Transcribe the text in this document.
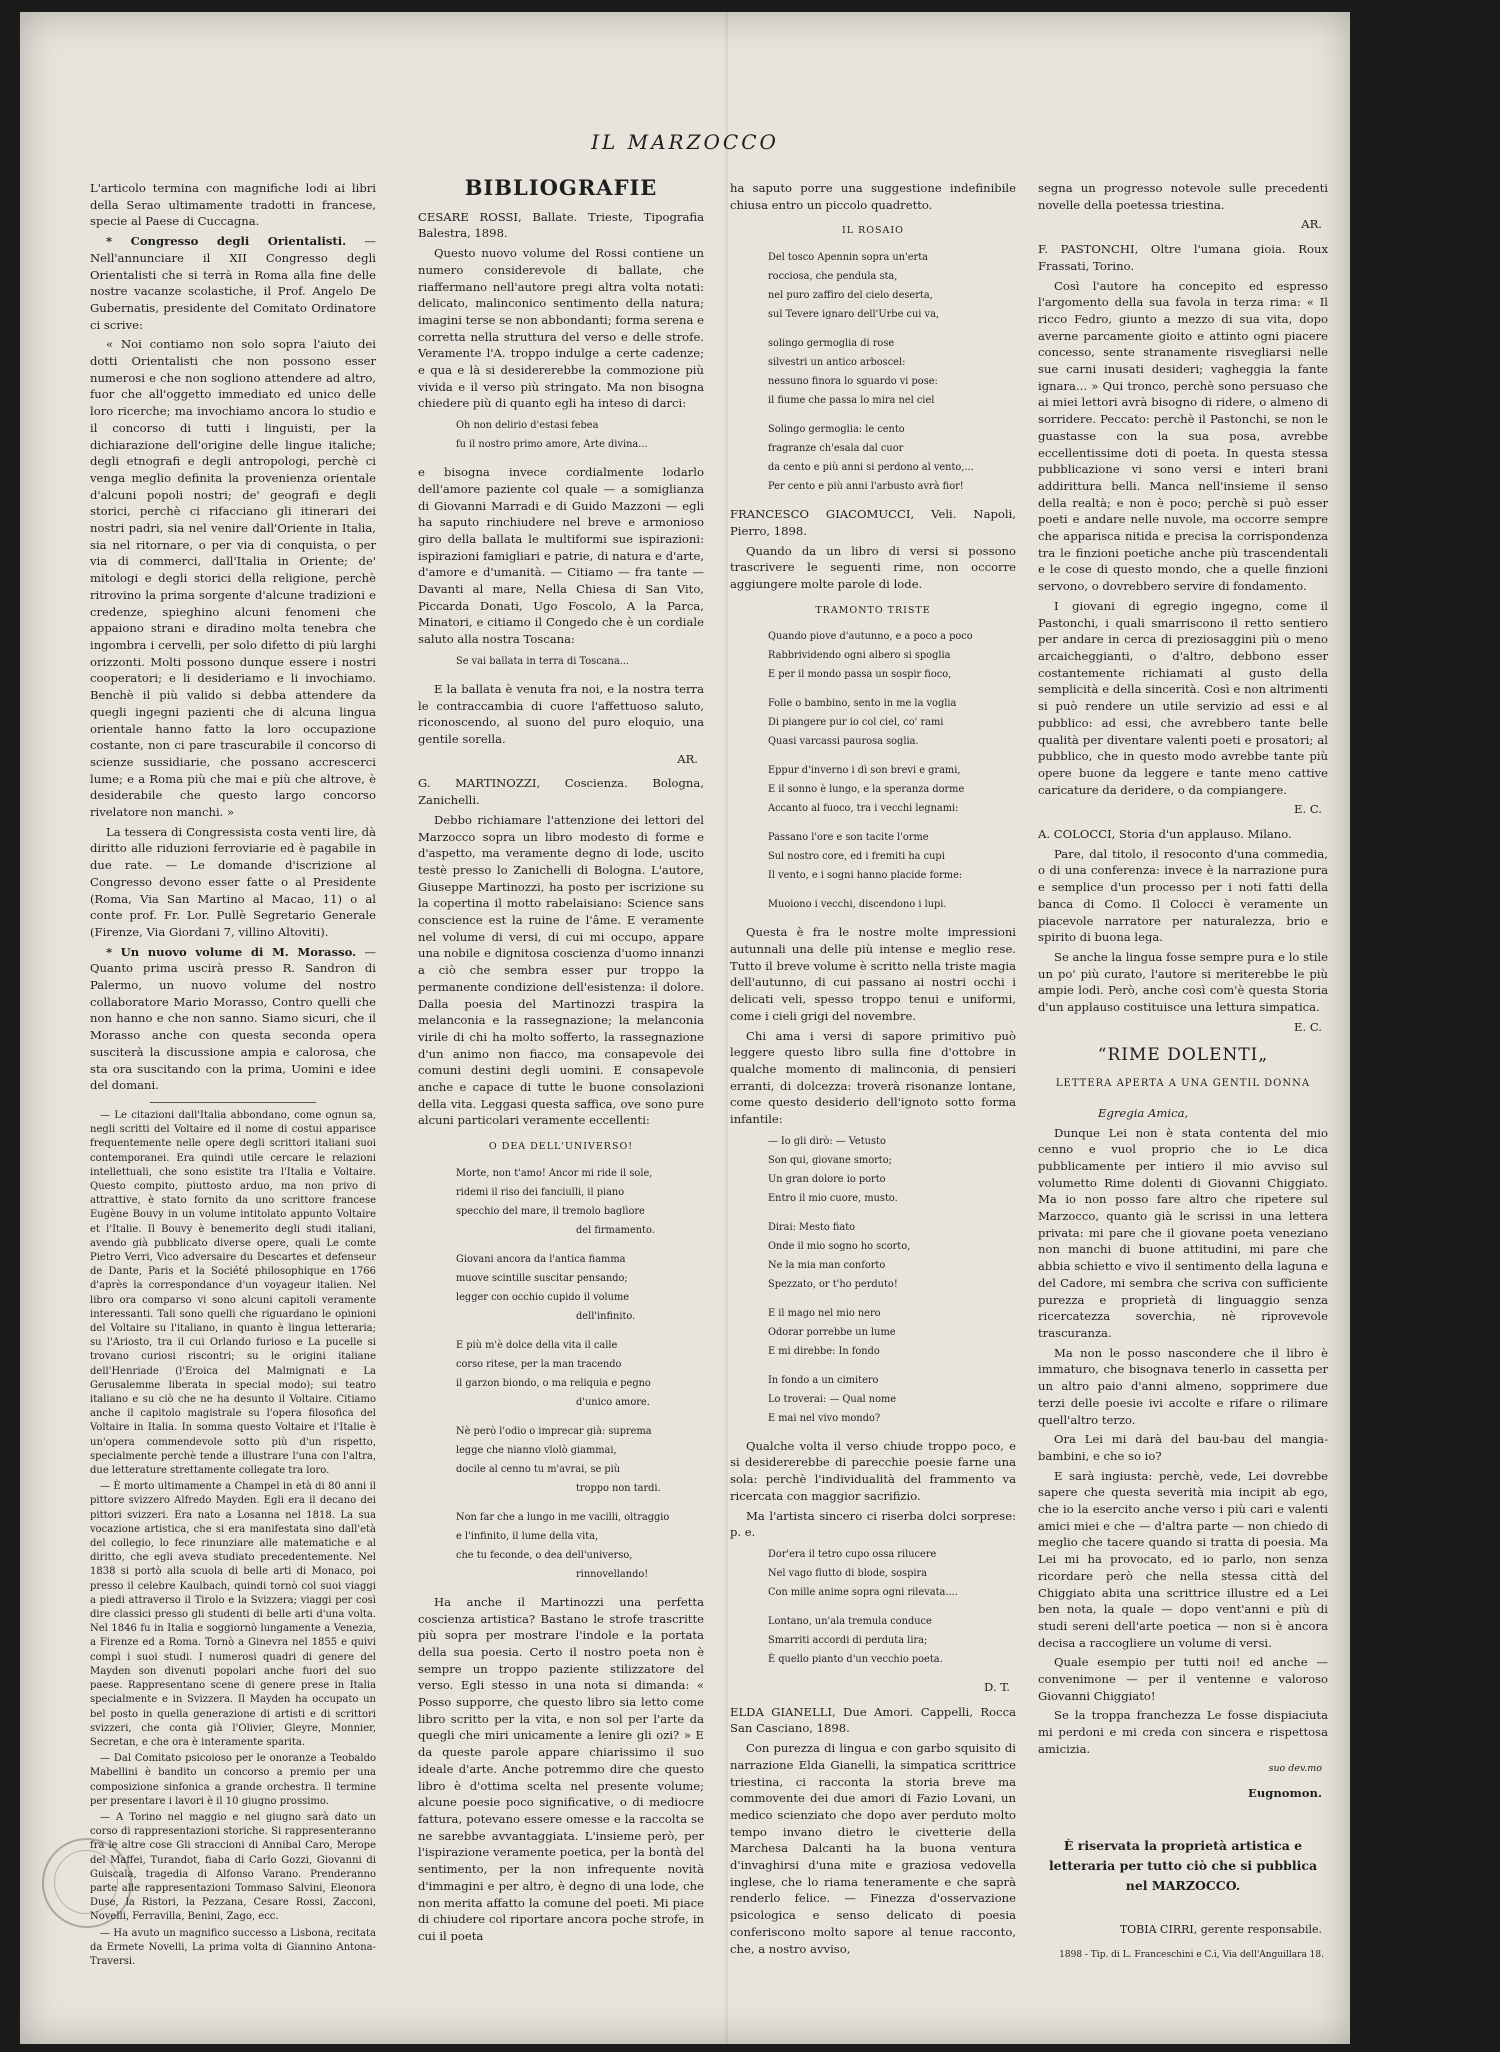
IL MARZOCCO

L'articolo termina con magnifiche lodi ai libri della Serao ultimamente tradotti in francese, specie al Paese di Cuccagna.

* Congresso degli Orientalisti. — Nell'annunciare il XII Congresso degli Orientalisti che si terrà in Roma alla fine delle nostre vacanze scolastiche, il Prof. Angelo De Gubernatis, presidente del Comitato Ordinatore ci scrive:

« Noi contiamo non solo sopra l'aiuto dei dotti Orientalisti che non possono esser numerosi e che non sogliono attendere ad altro, fuor che all'oggetto immediato ed unico delle loro ricerche; ma invochiamo ancora lo studio e il concorso di tutti i linguisti, per la dichiarazione dell'origine delle lingue italiche; degli etnografi e degli antropologi, perchè ci venga meglio definita la provenienza orientale d'alcuni popoli nostri; de' geografi e degli storici, perchè ci rifacciano gli itinerari dei nostri padri, sia nel venire dall'Oriente in Italia, sia nel ritornare, o per via di conquista, o per via di commerci, dall'Italia in Oriente; de' mitologi e degli storici della religione, perchè ritrovino la prima sorgente d'alcune tradizioni e credenze, spieghino alcuni fenomeni che appaiono strani e diradino molta tenebra che ingombra i cervelli, per solo difetto di più larghi orizzonti. Molti possono dunque essere i nostri cooperatori; e li desideriamo e li invochiamo. Benchè il più valido si debba attendere da quegli ingegni pazienti che di alcuna lingua orientale hanno fatto la loro occupazione costante, non ci pare trascurabile il concorso di scienze sussidiarie, che possano accrescerci lume; e a Roma più che mai e più che altrove, è desiderabile che questo largo concorso rivelatore non manchi. »

La tessera di Congressista costa venti lire, dà diritto alle riduzioni ferroviarie ed è pagabile in due rate. — Le domande d'iscrizione al Congresso devono esser fatte o al Presidente (Roma, Via San Martino al Macao, 11) o al conte prof. Fr. Lor. Pullè Segretario Generale (Firenze, Via Giordani 7, villino Altoviti).

* Un nuovo volume di M. Morasso. — Quanto prima uscirà presso R. Sandron di Palermo, un nuovo volume del nostro collaboratore Mario Morasso, Contro quelli che non hanno e che non sanno. Siamo sicuri, che il Morasso anche con questa seconda opera susciterà la discussione ampia e calorosa, che sta ora suscitando con la prima, Uomini e idee del domani.

— Le citazioni dall'Italia abbondano, come ognun sa, negli scritti del Voltaire ed il nome di costui apparisce frequentemente nelle opere degli scrittori italiani suoi contemporanei. Era quindi utile cercare le relazioni intellettuali, che sono esistite tra l'Italia e Voltaire. Questo compito, piuttosto arduo, ma non privo di attrattive, è stato fornito da uno scrittore francese Eugène Bouvy in un volume intitolato appunto Voltaire et l'Italie. Il Bouvy è benemerito degli studi italiani, avendo già pubblicato diverse opere, quali Le comte Pietro Verri, Vico adversaire du Descartes et defenseur de Dante, Paris et la Société philosophique en 1766 d'après la correspondance d'un voyageur italien. Nel libro ora comparso vi sono alcuni capitoli veramente interessanti. Tali sono quelli che riguardano le opinioni del Voltaire su l'italiano, in quanto è lingua letteraria; su l'Ariosto, tra il cui Orlando furioso e La pucelle si trovano curiosi riscontri; su le origini italiane dell'Henriade (l'Eroica del Malmignati e La Gerusalemme liberata in special modo); sui teatro italiano e su ciò che ne ha desunto il Voltaire. Citiamo anche il capitolo magistrale su l'opera filosofica del Voltaire in Italia. In somma questo Voltaire et l'Italie è un'opera commendevole sotto più d'un rispetto, specialmente perchè tende a illustrare l'una con l'altra, due letterature strettamente collegate tra loro.

— È morto ultimamente a Champel in età di 80 anni il pittore svizzero Alfredo Mayden. Egli era il decano dei pittori svizzeri. Era nato a Losanna nel 1818. La sua vocazione artistica, che si era manifestata sino dall'età del collegio, lo fece rinunziare alle matematiche e al diritto, che egli aveva studiato precedentemente. Nel 1838 si portò alla scuola di belle arti di Monaco, poi presso il celebre Kaulbach, quindi tornò col suoi viaggi a piedi attraverso il Tirolo e la Svizzera; viaggi per così dire classici presso gli studenti di belle arti d'una volta. Nel 1846 fu in Italia e soggiornò lungamente a Venezia, a Firenze ed a Roma. Tornò a Ginevra nel 1855 e quivi compì i suoi studi. I numerosi quadri di genere del Mayden son divenuti popolari anche fuori del suo paese. Rappresentano scene di genere prese in Italia specialmente e in Svizzera. Il Mayden ha occupato un bel posto in quella generazione di artisti e di scrittori svizzeri, che conta già l'Olivier, Gleyre, Monnier, Secretan, e che ora è interamente sparita.

— Dal Comitato psicoioso per le onoranze a Teobaldo Mabellini è bandito un concorso a premio per una composizione sinfonica a grande orchestra. Il termine per presentare i lavori è il 10 giugno prossimo.

— A Torino nel maggio e nel giugno sarà dato un corso di rappresentazioni storiche. Si rappresenteranno fra le altre cose Gli straccioni di Annibal Caro, Merope del Maffei, Turandot, fiaba di Carlo Gozzi, Giovanni di Guiscala, tragedia di Alfonso Varano. Prenderanno parte alle rappresentazioni Tommaso Salvini, Eleonora Duse, la Ristori, la Pezzana, Cesare Rossi, Zacconi, Novelli, Ferravilla, Benini, Zago, ecc.

— Ha avuto un magnifico successo a Lisbona, recitata da Ermete Novelli, La prima volta di Giannino Antona-Traversi.

BIBLIOGRAFIE

CESARE ROSSI, Ballate. Trieste, Tipografia Balestra, 1898.

Questo nuovo volume del Rossi contiene un numero considerevole di ballate, che riaffermano nell'autore pregi altra volta notati: delicato, malinconico sentimento della natura; imagini terse se non abbondanti; forma serena e corretta nella struttura del verso e delle strofe. Veramente l'A. troppo indulge a certe cadenze; e qua e là si desidererebbe la commozione più vivida e il verso più stringato. Ma non bisogna chiedere più di quanto egli ha inteso di darci:

Oh non delirio d'estasi febea
fu il nostro primo amore, Arte divina...

e bisogna invece cordialmente lodarlo dell'amore paziente col quale — a somiglianza di Giovanni Marradi e di Guido Mazzoni — egli ha saputo rinchiudere nel breve e armonioso giro della ballata le multiformi sue ispirazioni: ispirazioni famigliari e patrie, di natura e d'arte, d'amore e d'umanità. — Citiamo — fra tante — Davanti al mare, Nella Chiesa di San Vito, Piccarda Donati, Ugo Foscolo, A la Parca, Minatori, e citiamo il Congedo che è un cordiale saluto alla nostra Toscana:

Se vai ballata in terra di Toscana...

E la ballata è venuta fra noi, e la nostra terra le contraccambia di cuore l'affettuoso saluto, riconoscendo, al suono del puro eloquio, una gentile sorella.

AR.

G. MARTINOZZI, Coscienza. Bologna, Zanichelli.

Debbo richiamare l'attenzione dei lettori del Marzocco sopra un libro modesto di forme e d'aspetto, ma veramente degno di lode, uscito testè presso lo Zanichelli di Bologna. L'autore, Giuseppe Martinozzi, ha posto per iscrizione su la copertina il motto rabelaisiano: Science sans conscience est la ruine de l'âme. E veramente nel volume di versi, di cui mi occupo, appare una nobile e dignitosa coscienza d'uomo innanzi a ciò che sembra esser pur troppo la permanente condizione dell'esistenza: il dolore. Dalla poesia del Martinozzi traspira la melanconia e la rassegnazione; la melanconia virile di chi ha molto sofferto, la rassegnazione d'un animo non fiacco, ma consapevole dei comuni destini degli uomini. E consapevole anche e capace di tutte le buone consolazioni della vita. Leggasi questa saffica, ove sono pure alcuni particolari veramente eccellenti:

O DEA DELL'UNIVERSO!
Morte, non t'amo! Ancor mi ride il sole,
ridemi il riso dei fanciulli, il piano
specchio del mare, il tremolo baglìore
del firmamento.
Giovani ancora da l'antica fiamma
muove scintille suscitar pensando;
legger con occhio cupido il volume
dell'infinito.
E più m'è dolce della vita il calle
corso ritese, per la man tracendo
il garzon biondo, o ma reliquia e pegno
d'unico amore.
Nè però l'odio o imprecar già: suprema
legge che nianno vlolò giammai,
docile al cenno tu m'avrai, se più
troppo non tardi.
Non far che a lungo in me vacilli, oltraggio
e l'infinito, il lume della vita,
che tu feconde, o dea dell'universo,
rinnovellando!

Ha anche il Martinozzi una perfetta coscienza artistica? Bastano le strofe trascritte più sopra per mostrare l'indole e la portata della sua poesia. Certo il nostro poeta non è sempre un troppo paziente stilizzatore del verso. Egli stesso in una nota si dimanda: « Posso supporre, che questo libro sia letto come libro scritto per la vita, e non sol per l'arte da quegli che miri unicamente a lenire gli ozi? » E da queste parole appare chiarissimo il suo ideale d'arte. Anche potremmo dire che questo libro è d'ottima scelta nel presente volume; alcune poesie poco significative, o di mediocre fattura, potevano essere omesse e la raccolta se ne sarebbe avvantaggiata. L'insieme però, per l'ispirazione veramente poetica, per la bontà del sentimento, per la non infrequente novità d'immagini e per altro, è degno di una lode, che non merita affatto la comune del poeti. Mi piace di chiudere col riportare ancora poche strofe, in cui il poeta

ha saputo porre una suggestione indefinibile chiusa entro un piccolo quadretto.

IL ROSAIO
Del tosco Apennin sopra un'erta
rocciosa, che pendula sta,
nel puro zaffiro del cielo deserta,
sul Tevere ignaro dell'Urbe cui va,
solingo germoglia di rose
silvestri un antico arboscel:
nessuno finora lo sguardo vi pose:
il fiume che passa lo mira nel ciel
Solingo germoglia: le cento
fragranze ch'esala dal cuor
da cento e più anni si perdono al vento,...
Per cento e più anni l'arbusto avrà fior!

FRANCESCO GIACOMUCCI, Veli. Napoli, Pierro, 1898.

Quando da un libro di versi si possono trascrivere le seguenti rime, non occorre aggiungere molte parole di lode.

TRAMONTO TRISTE
Quando piove d'autunno, e a poco a poco
Rabbrividendo ogni albero si spoglia
E per il mondo passa un sospir fioco,
Folle o bambino, sento in me la voglia
Di piangere pur io col ciel, co' rami
Quasi varcassi paurosa soglia.
Eppur d'inverno i dì son brevi e grami,
E il sonno è lungo, e la speranza dorme
Accanto al fuoco, tra i vecchi legnami:
Passano l'ore e son tacite l'orme
Sul nostro core, ed i fremiti ha cupi
Il vento, e i sogni hanno placide forme:
Muoiono i vecchi, discendono i lupi.

Questa è fra le nostre molte impressioni autunnali una delle più intense e meglio rese. Tutto il breve volume è scritto nella triste magia dell'autunno, di cui passano ai nostri occhi i delicati veli, spesso troppo tenui e uniformi, come i cieli grigi del novembre.

Chi ama i versi di sapore primitivo può leggere questo libro sulla fine d'ottobre in qualche momento di malinconia, di pensieri erranti, di dolcezza: troverà risonanze lontane, come questo desiderio dell'ignoto sotto forma infantile:

— Io gli dirò: — Vetusto
Son qui, giovane smorto;
Un gran dolore io porto
Entro il mio cuore, musto.
Dirai: Mesto fiato
Onde il mio sogno ho scorto,
Ne la mia man conforto
Spezzato, or t'ho perduto!
E il mago nel mio nero
Odorar porrebbe un lume
E mi direbbe: In fondo
In fondo a un cimitero
Lo troverai: — Qual nome
E mai nel vivo mondo?

Qualche volta il verso chiude troppo poco, e si desidererebbe di parecchie poesie farne una sola: perchè l'individualità del frammento va ricercata con maggior sacrifizio.

Ma l'artista sincero ci riserba dolci sorprese: p. e.

Dor'era il tetro cupo ossa rilucere
Nel vago flutto di blode, sospira
Con mille anime sopra ogni rilevata....
Lontano, un'ala tremula conduce
Smarriti accordi di perduta lira;
È quello pianto d'un vecchio poeta.

D. T.

ELDA GIANELLI, Due Amori. Cappelli, Rocca San Casciano, 1898.

Con purezza di lingua e con garbo squisito di narrazione Elda Gianelli, la simpatica scrittrice triestina, ci racconta la storia breve ma commovente dei due amori di Fazio Lovani, un medico scienziato che dopo aver perduto molto tempo invano dietro le civetterie della Marchesa Dalcanti ha la buona ventura d'invaghirsi d'una mite e graziosa vedovella inglese, che lo riama teneramente e che saprà renderlo felice. — Finezza d'osservazione psicologica e senso delicato di poesia conferiscono molto sapore al tenue racconto, che, a nostro avviso,

segna un progresso notevole sulle precedenti novelle della poetessa triestina.

AR.

F. PASTONCHI, Oltre l'umana gioia. Roux Frassati, Torino.

Così l'autore ha concepito ed espresso l'argomento della sua favola in terza rima: « Il ricco Fedro, giunto a mezzo di sua vita, dopo averne parcamente gioito e attinto ogni piacere concesso, sente stranamente risvegliarsi nelle sue carni inusati desideri; vagheggia la fante ignara... » Qui tronco, perchè sono persuaso che ai miei lettori avrà bisogno di ridere, o almeno di sorridere. Peccato: perchè il Pastonchi, se non le guastasse con la sua posa, avrebbe eccellentissime doti di poeta. In questa stessa pubblicazione vi sono versi e interi brani addirittura belli. Manca nell'insieme il senso della realtà; e non è poco; perchè si può esser poeti e andare nelle nuvole, ma occorre sempre che apparisca nitida e precisa la corrispondenza tra le finzioni poetiche anche più trascendentali e le cose di questo mondo, che a quelle finzioni servono, o dovrebbero servire di fondamento.

I giovani di egregio ingegno, come il Pastonchi, i quali smarriscono il retto sentiero per andare in cerca di preziosaggini più o meno arcaicheggianti, o d'altro, debbono esser costantemente richiamati al gusto della semplicità e della sincerità. Così e non altrimenti si può rendere un utile servizio ad essi e al pubblico: ad essi, che avrebbero tante belle qualità per diventare valenti poeti e prosatori; al pubblico, che in questo modo avrebbe tante più opere buone da leggere e tante meno cattive caricature da deridere, o da compiangere.

E. C.

A. COLOCCI, Storia d'un applauso. Milano.

Pare, dal titolo, il resoconto d'una commedia, o di una conferenza: invece è la narrazione pura e semplice d'un processo per i noti fatti della banca di Como. Il Colocci è veramente un piacevole narratore per naturalezza, brio e spirito di buona lega.

Se anche la lingua fosse sempre pura e lo stile un po' più curato, l'autore si meriterebbe le più ampie lodi. Però, anche così com'è questa Storia d'un applauso costituisce una lettura simpatica.

E. C.

“RIME DOLENTI„
LETTERA APERTA A UNA GENTIL DONNA

Egregia Amica,

Dunque Lei non è stata contenta del mio cenno e vuol proprio che io Le dica pubblicamente per intiero il mio avviso sul volumetto Rime dolenti di Giovanni Chiggiato. Ma io non posso fare altro che ripetere sul Marzocco, quanto già le scrissi in una lettera privata: mi pare che il giovane poeta veneziano non manchi di buone attitudini, mi pare che abbia schietto e vivo il sentimento della laguna e del Cadore, mi sembra che scriva con sufficiente purezza e proprietà di linguaggio senza ricercatezza soverchia, nè riprovevole trascuranza.

Ma non le posso nascondere che il libro è immaturo, che bisognava tenerlo in cassetta per un altro paio d'anni almeno, sopprimere due terzi delle poesie ivi accolte e rifare o rilimare quell'altro terzo.

Ora Lei mi darà del bau-bau del mangia-bambini, e che so io?

E sarà ingiusta: perchè, vede, Lei dovrebbe sapere che questa severità mia incipit ab ego, che io la esercito anche verso i più cari e valenti amici miei e che — d'altra parte — non chiedo di meglio che tacere quando si tratta di poesia. Ma Lei mi ha provocato, ed io parlo, non senza ricordare però che nella stessa città del Chiggiato abita una scrittrice illustre ed a Lei ben nota, la quale — dopo vent'anni e più di studi sereni dell'arte poetica — non si è ancora decisa a raccogliere un volume di versi.

Quale esempio per tutti noi! ed anche — convenimone — per il ventenne e valoroso Giovanni Chiggiato!

Se la troppa franchezza Le fosse dispiaciuta mi perdoni e mi creda con sincera e rispettosa amicizia.

suo dev.mo

Eugnomon.

È riservata la proprietà artistica e letteraria per tutto ciò che si pubblica nel MARZOCCO.
TOBIA CIRRI, gerente responsabile.
1898 - Tip. di L. Franceschini e C.i, Via dell'Anguillara 18.
